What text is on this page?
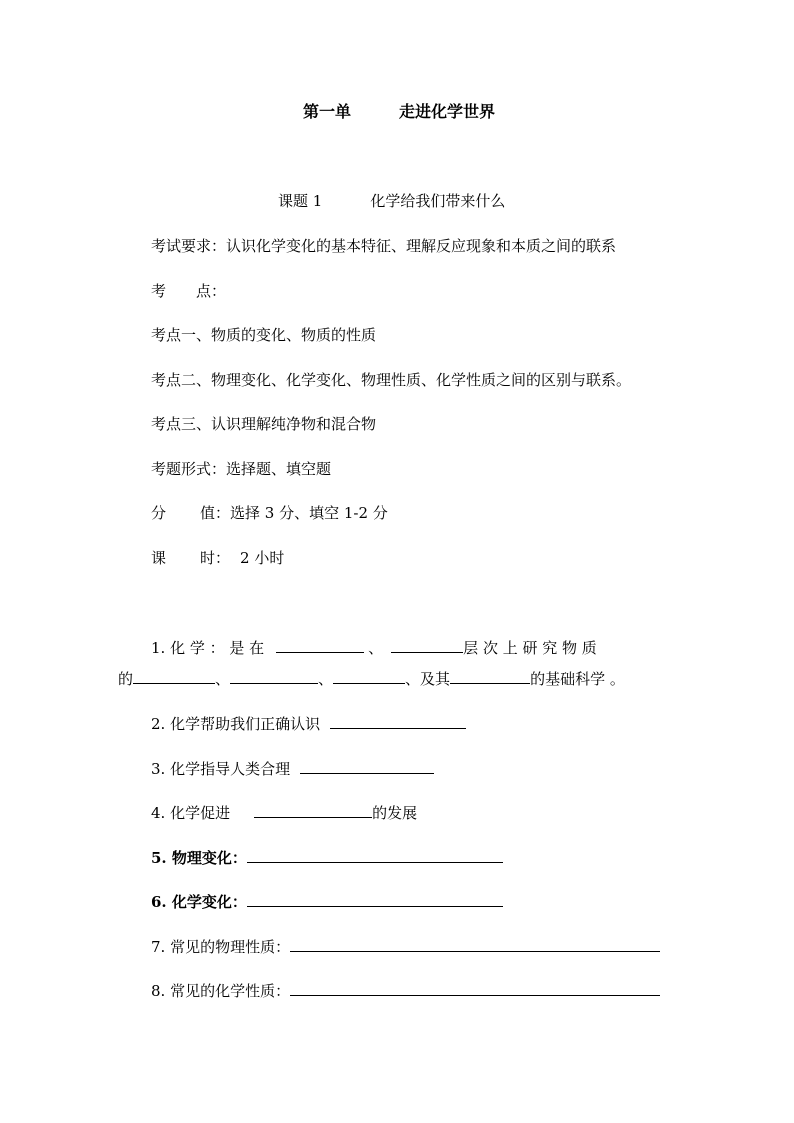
第一单	走进化学世界
课题 1	化学给我们带来什么
考试要求：认识化学变化的基本特征、理解反应现象和本质之间的联系
考 点：
考点一、物质的变化、物质的性质
考点二、物理变化、化学变化、物理性质、化学性质之间的区别与联系。
考点三、认识理解纯净物和混合物
考题形式：选择题、填空题
分 值：选择 3 分、填空 1-2 分
课 时： 2 小时
1. 化 学 ： 是 在	、	层 次 上 研 究 物 质
的	、	、	、及其	的基础科学 。
2. 化学帮助我们正确认识
3. 化学指导人类合理
4. 化学促进	的发展
5. 物理变化：
6. 化学变化：
7. 常见的物理性质：
8. 常见的化学性质：
